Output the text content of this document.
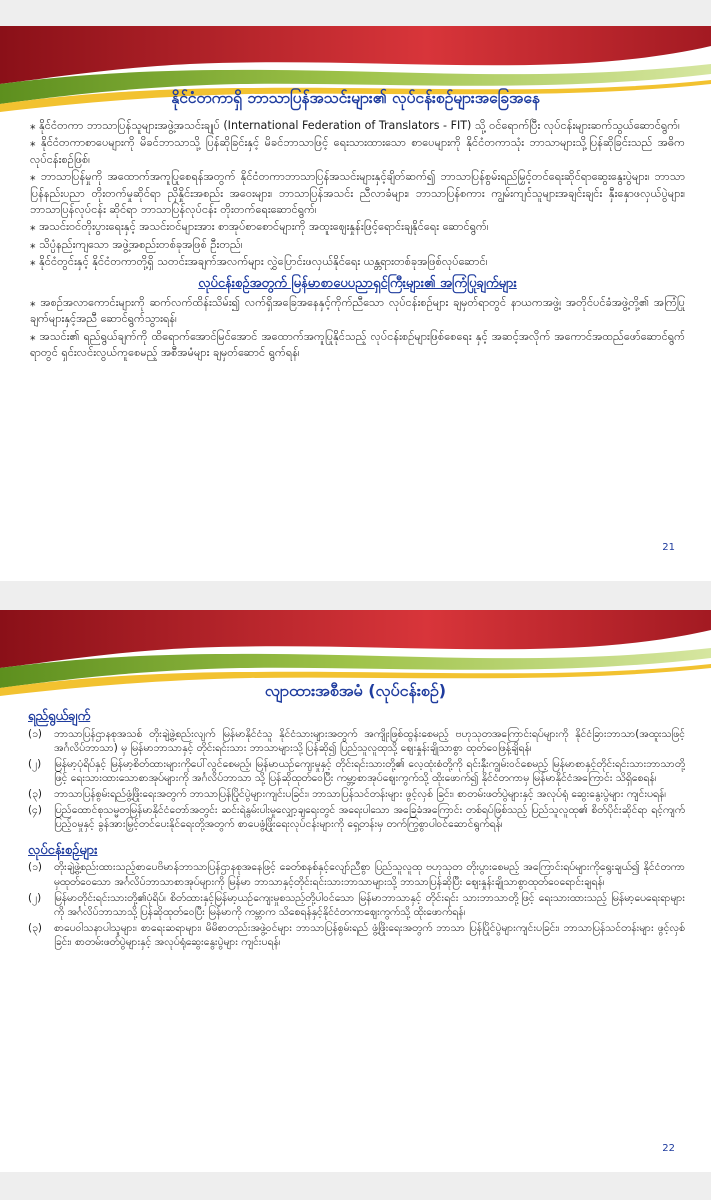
နိုင်ငံတကာရှိ ဘာသာပြန်အသင်းများ၏ လုပ်ငန်းစဉ်များအခြေအနေ

⁎ နိုင်ငံတကာ ဘာသာပြန်သူများအဖွဲ့အသင်းချုပ် (International Federation of Translators - FIT) သို့ ဝင်ရောက်ပြီး လုပ်ငန်းများဆက်သွယ်ဆောင်ရွက်၊

⁎ နိုင်ငံတကာစာပေများကို မိခင်ဘာသာသို့ ပြန်ဆိုခြင်းနှင့် မိခင်ဘာသာဖြင့် ရေးသားထားသော စာပေများကို နိုင်ငံတကာသုံး ဘာသာများသို့ပြန်ဆိုခြင်းသည် အဓိကလုပ်ငန်းစဉ်ဖြစ်၊

⁎ ဘာသာပြန်မှုကို အထောက်အကူပြုစေရန်အတွက် နိုင်ငံတကာဘာသာပြန်အသင်းများနှင့်ချိတ်ဆက်၍ ဘာသာပြန်စွမ်းရည်မြှင့်တင်ရေးဆိုင်ရာဆွေးနွေးပွဲများ၊ ဘာသာပြန်နည်းပညာ တိုးတက်မှုဆိုင်ရာ ညှိနှိုင်းအစည်း အဝေးများ၊ ဘာသာပြန်အသင်း ညီလာခံများ၊ ဘာသာပြန်စကား ကျွမ်းကျင်သူများအချင်းချင်း နှီးနှောဖလှယ်ပွဲများ၊ ဘာသာပြန်လုပ်ငန်း ဆိုင်ရာ ဘာသာပြန်လုပ်ငန်း တိုးတက်ရေးဆောင်ရွက်၊

⁎ အသင်းဝင်တိုးပွားရေးနှင့် အသင်းဝင်များအား စာအုပ်စာစောင်များကို အထူးဈေးနှုန်းဖြင့်ရောင်းချနိုင်ရေး ဆောင်ရွက်၊

⁎ သိပ္ပံနည်းကျသော အဖွဲ့အစည်းတစ်ခုအဖြစ် ဦးတည်၊

⁎ နိုင်ငံတွင်းနှင့် နိုင်ငံတကာတို့ရှိ သတင်းအချက်အလက်များ လွှဲပြောင်းဖလှယ်နိုင်ရေး ယန္တရားတစ်ခုအဖြစ်လုပ်ဆောင်၊

လုပ်ငန်းစဉ်အတွက် မြန်မာစာပေပညာရှင်ကြီးများ၏ အကြံပြုချက်များ

⁎ အစဉ်အလာကောင်းများကို ဆက်လက်ထိန်းသိမ်း၍ လက်ရှိအခြေအနေနှင့်ကိုက်ညီသော လုပ်ငန်းစဉ်များ ချမှတ်ရာတွင် နာယကအဖွဲ့၊ အတိုင်ပင်ခံအဖွဲ့တို့၏ အကြံပြုချက်များနှင့်အညီ ဆောင်ရွက်သွားရန်၊

⁎ အသင်း၏ ရည်ရွယ်ချက်ကို ထိရောက်အောင်မြင်အောင် အထောက်အကူပြုနိုင်သည့် လုပ်ငန်းစဉ်များဖြစ်စေရေး နှင့် အဆင့်အလိုက် အကောင်အထည်ဖော်ဆောင်ရွက်ရာတွင် ရှင်းလင်းလွယ်ကူစေမည့် အစီအမံများ ချမှတ်ဆောင် ရွက်ရန်၊

21
လျာထားအစီအမံ (လုပ်ငန်းစဉ်)
ရည်ရွယ်ချက်
(၁)	ဘာသာပြန်ဌာနစုအသစ် တိုးချဲ့ဖွဲ့စည်းလျက် မြန်မာနိုင်ငံသူ နိုင်ငံသားများအတွက် အကျိုးဖြစ်ထွန်းစေမည့် ဗဟုသုတအကြောင်းရပ်များကို နိုင်ငံခြားဘာသာ(အထူးသဖြင့်အင်္ဂလိပ်ဘာသာ) မှ မြန်မာဘာသာနှင့် တိုင်းရင်းသား ဘာသာများသို့ပြန်ဆို၍ ပြည်သူလူထုသို့ ဈေးနှုန်းချိုသာစွာ ထုတ်ဝေဖြန့်ချိရန်၊
(၂)	မြန်မာ့ပုံရိပ်နှင့် မြန်မာ့စိတ်ထားများကိုပေါ်လွင်စေမည့်၊ မြန်မာယဉ်ကျေးမှုနှင့် တိုင်းရင်းသားတို့၏ လေ့ထုံးစံတို့ကို ရင်းနှီးကျွမ်းဝင်စေမည့် မြန်မာစာနှင့်တိုင်းရင်းသားဘာသာတို့ဖြင့် ရေးသားထားသောစာအုပ်များကို အင်္ဂလိပ်ဘာသာ သို့ ပြန်ဆိုထုတ်ဝေပြီး ကမ္ဘာ့စာအုပ်ဈေးကွက်သို့ ထိုးဖောက်၍ နိုင်ငံတကာမှ မြန်မာနိုင်ငံအကြောင်း သိရှိစေရန်၊
(၃)	ဘာသာပြန်စွမ်းရည်ဖွံ့ဖြိုးရေးအတွက် ဘာသာပြန်ပြိုင်ပွဲများကျင်းပခြင်း၊ ဘာသာပြန်သင်တန်းများ ဖွင့်လှစ် ခြင်း၊ စာတမ်းဖတ်ပွဲများနှင့် အလုပ်ရုံ ဆွေးနွေးပွဲများ ကျင်းပရန်၊
(၄)	ပြည်ထောင်စုသမ္မတမြန်မာနိုင်ငံတော်အတွင်း ဆင်းရဲနွမ်းပါးမှုလျှော့ချရေးတွင် အရေးပါသော အခြေခံအကြောင်း တစ်ရပ်ဖြစ်သည့် ပြည်သူလူထု၏ စိတ်ပိုင်းဆိုင်ရာ ရင့်ကျက်ပြည့်ဝမှုနှင့် ခွန်အားမြှင့်တင်ပေးနိုင်ရေးတို့အတွက် စာပေဖွံ့ဖြိုးရေးလုပ်ငန်းများကို ရှေ့တန်းမှ တက်ကြွစွာပါဝင်ဆောင်ရွက်ရန်၊
လုပ်ငန်းစဉ်များ
(၁)	တိုးချဲ့ဖွဲ့စည်းထားသည့်စာပေဗိမာန်ဘာသာပြန်ဌာနစုအနေဖြင့် ခေတ်စနစ်နှင့်လျော်ညီစွာ ပြည်သူလူထု ဗဟုသုတ တိုးပွားစေမည့် အကြောင်းရပ်များကိုရွေးချယ်၍ နိုင်ငံတကာမှထုတ်ဝေသော အင်္ဂလိပ်ဘာသာစာအုပ်များကို မြန်မာ ဘာသာနှင့်တိုင်းရင်းသားဘာသာများသို့ ဘာသာပြန်ဆိုပြီး ဈေးနှုန်းချိုသာစွာထုတ်ဝေရောင်းချရန်၊
(၂)	မြန်မာတိုင်းရင်းသားတို့၏ပုံရိပ်၊ စိတ်ထားနှင့်မြန်မာ့ယဉ်ကျေးမှုစသည့်တို့ပါဝင်သော မြန်မာဘာသာနှင့် တိုင်းရင်း သားဘာသာတို့ဖြင့် ရေးသားထားသည့် မြန်မာ့ပေရေးရာများကို အင်္ဂလိပ်ဘာသာသို့ပြန်ဆိုထုတ်ဝေပြီး မြန်မာကို ကမ္ဘာက သိစေရန်နှင့်နိုင်ငံတကာဈေးကွက်သို့ ထိုးဖောက်ရန်၊
(၃)	စာပေဝါသနာပါသူများ၊ စာရေးဆရာများ၊ မိမိစာတည်းအဖွဲ့ဝင်များ ဘာသာပြန်စွမ်းရည် ဖွံ့ဖြိုးရေးအတွက် ဘာသာ ပြန်ပြိုင်ပွဲများကျင်းပခြင်း၊ ဘာသာပြန်သင်တန်းများ ဖွင့်လှစ်ခြင်း၊ စာတမ်းဖတ်ပွဲများနှင့် အလုပ်ရုံဆွေးနွေးပွဲများ ကျင်းပရန်၊
22
